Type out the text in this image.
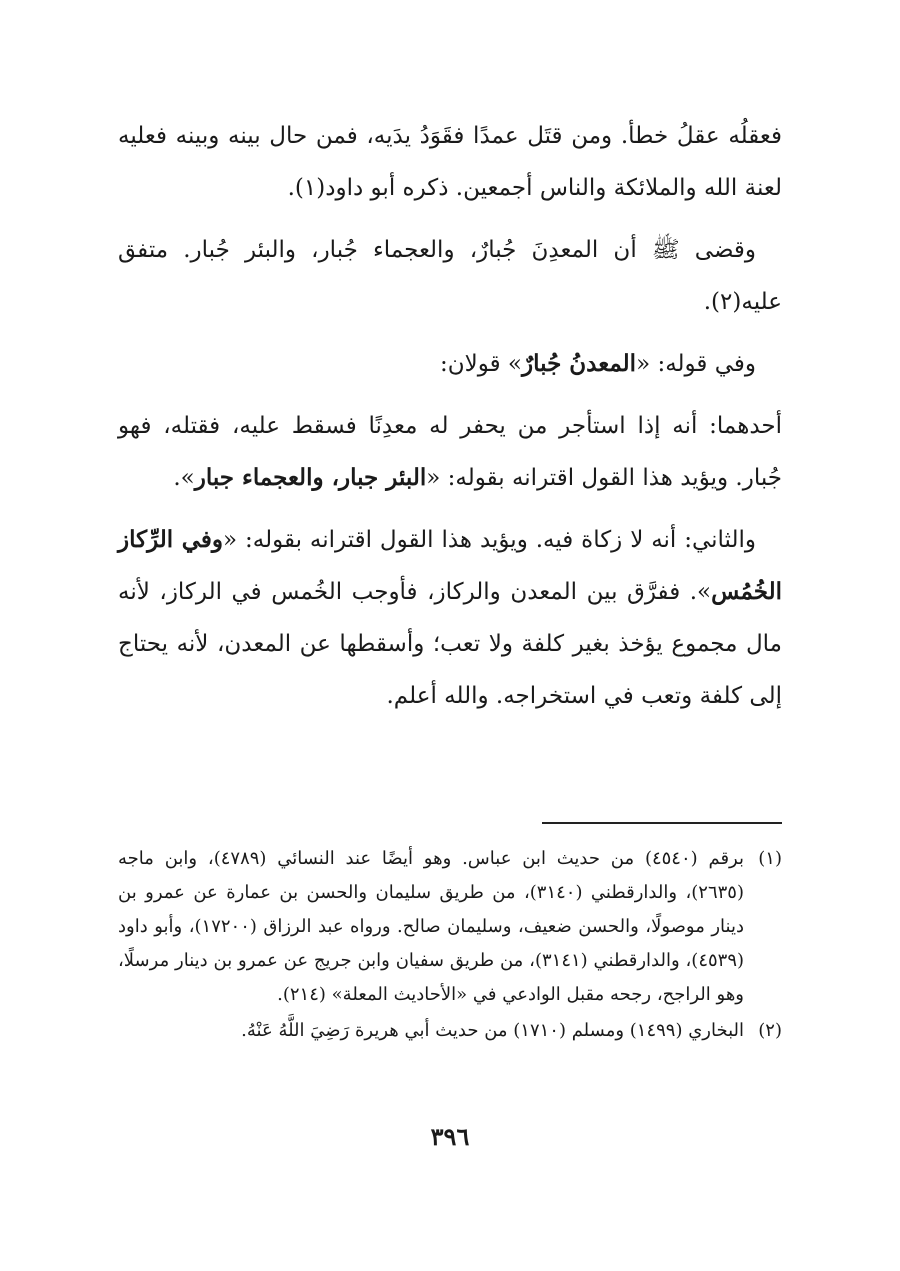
فعقلُه عقلُ خطأ. ومن قتَل عمدًا فقَوَدُ يدَيه، فمن حال بينه وبينه فعليه لعنة الله والملائكة والناس أجمعين. ذكره أبو داود(١).

وقضى ﷺ أن المعدِنَ جُبارٌ، والعجماء جُبار، والبئر جُبار. متفق عليه(٢).

وفي قوله: «المعدنُ جُبارٌ» قولان:

أحدهما: أنه إذا استأجر من يحفر له معدِنًا فسقط عليه، فقتله، فهو جُبار. ويؤيد هذا القول اقترانه بقوله: «البئر جبار، والعجماء جبار».

والثاني: أنه لا زكاة فيه. ويؤيد هذا القول اقترانه بقوله: «وفي الرِّكاز الخُمُس». ففرَّق بين المعدن والركاز، فأوجب الخُمس في الركاز، لأنه مال مجموع يؤخذ بغير كلفة ولا تعب؛ وأسقطها عن المعدن، لأنه يحتاج إلى كلفة وتعب في استخراجه. والله أعلم.

(١)
برقم (٤٥٤٠) من حديث ابن عباس. وهو أيضًا عند النسائي (٤٧٨٩)، وابن ماجه (٢٦٣٥)، والدارقطني (٣١٤٠)، من طريق سليمان والحسن بن عمارة عن عمرو بن دينار موصولًا، والحسن ضعيف، وسليمان صالح. ورواه عبد الرزاق (١٧٢٠٠)، وأبو داود (٤٥٣٩)، والدارقطني (٣١٤١)، من طريق سفيان وابن جريج عن عمرو بن دينار مرسلًا، وهو الراجح، رجحه مقبل الوادعي في «الأحاديث المعلة» (٢١٤).
(٢)
البخاري (١٤٩٩) ومسلم (١٧١٠) من حديث أبي هريرة رَضِيَ اللَّهُ عَنْهُ.
٣٩٦
